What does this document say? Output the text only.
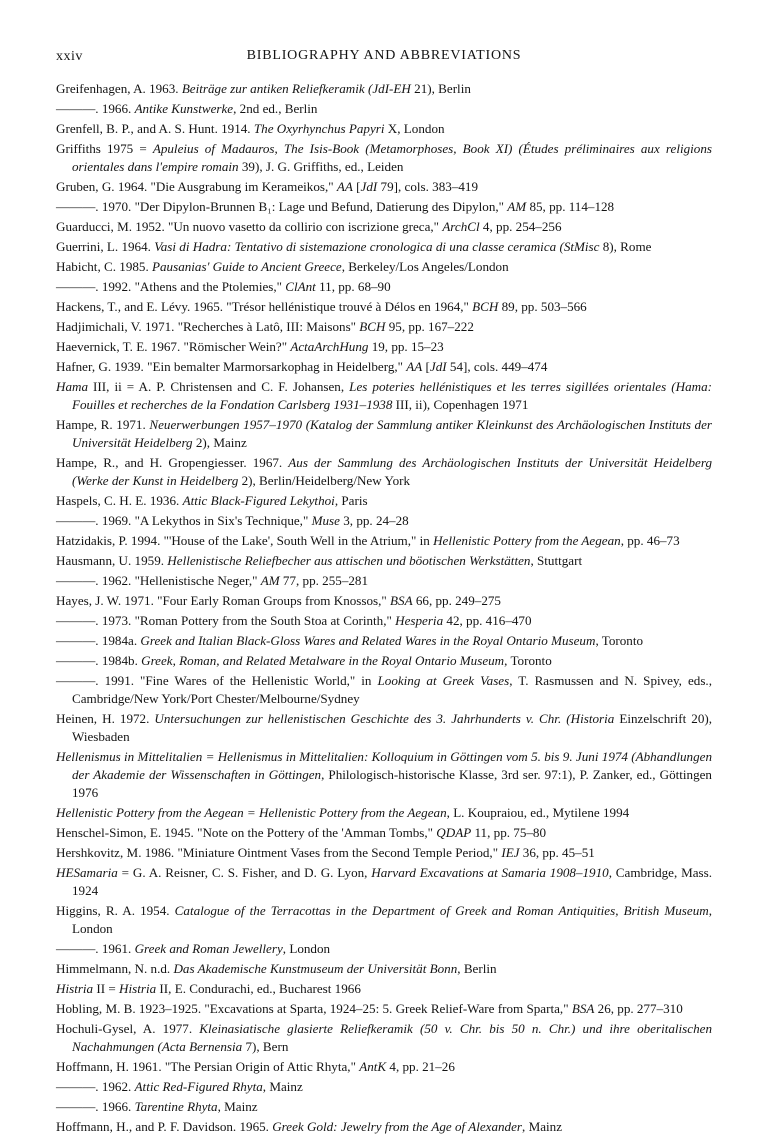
xxiv	BIBLIOGRAPHY AND ABBREVIATIONS
Greifenhagen, A. 1963. Beiträge zur antiken Reliefkeramik (JdI-EH 21), Berlin
———. 1966. Antike Kunstwerke, 2nd ed., Berlin
Grenfell, B. P., and A. S. Hunt. 1914. The Oxyrhynchus Papyri X, London
Griffiths 1975 = Apuleius of Madauros, The Isis-Book (Metamorphoses, Book XI) (Études préliminaires aux religions orientales dans l'empire romain 39), J. G. Griffiths, ed., Leiden
Gruben, G. 1964. "Die Ausgrabung im Kerameikos," AA [JdI 79], cols. 383–419
———. 1970. "Der Dipylon-Brunnen B₁: Lage und Befund, Datierung des Dipylon," AM 85, pp. 114–128
Guarducci, M. 1952. "Un nuovo vasetto da collirio con iscrizione greca," ArchCl 4, pp. 254–256
Guerrini, L. 1964. Vasi di Hadra: Tentativo di sistemazione cronologica di una classe ceramica (StMisc 8), Rome
Habicht, C. 1985. Pausanias' Guide to Ancient Greece, Berkeley/Los Angeles/London
———. 1992. "Athens and the Ptolemies," ClAnt 11, pp. 68–90
Hackens, T., and E. Lévy. 1965. "Trésor hellénistique trouvé à Délos en 1964," BCH 89, pp. 503–566
Hadjimichali, V. 1971. "Recherches à Latô, III: Maisons" BCH 95, pp. 167–222
Haevernick, T. E. 1967. "Römischer Wein?" ActaArchHung 19, pp. 15–23
Hafner, G. 1939. "Ein bemalter Marmorsarkophag in Heidelberg," AA [JdI 54], cols. 449–474
Hama III, ii = A. P. Christensen and C. F. Johansen, Les poteries hellénistiques et les terres sigillées orientales (Hama: Fouilles et recherches de la Fondation Carlsberg 1931–1938 III, ii), Copenhagen 1971
Hampe, R. 1971. Neuerwerbungen 1957–1970 (Katalog der Sammlung antiker Kleinkunst des Archäologischen Instituts der Universität Heidelberg 2), Mainz
Hampe, R., and H. Gropengiesser. 1967. Aus der Sammlung des Archäologischen Instituts der Universität Heidelberg (Werke der Kunst in Heidelberg 2), Berlin/Heidelberg/New York
Haspels, C. H. E. 1936. Attic Black-Figured Lekythoi, Paris
———. 1969. "A Lekythos in Six's Technique," Muse 3, pp. 24–28
Hatzidakis, P. 1994. "'House of the Lake', South Well in the Atrium," in Hellenistic Pottery from the Aegean, pp. 46–73
Hausmann, U. 1959. Hellenistische Reliefbecher aus attischen und böotischen Werkstätten, Stuttgart
———. 1962. "Hellenistische Neger," AM 77, pp. 255–281
Hayes, J. W. 1971. "Four Early Roman Groups from Knossos," BSA 66, pp. 249–275
———. 1973. "Roman Pottery from the South Stoa at Corinth," Hesperia 42, pp. 416–470
———. 1984a. Greek and Italian Black-Gloss Wares and Related Wares in the Royal Ontario Museum, Toronto
———. 1984b. Greek, Roman, and Related Metalware in the Royal Ontario Museum, Toronto
———. 1991. "Fine Wares of the Hellenistic World," in Looking at Greek Vases, T. Rasmussen and N. Spivey, eds., Cambridge/New York/Port Chester/Melbourne/Sydney
Heinen, H. 1972. Untersuchungen zur hellenistischen Geschichte des 3. Jahrhunderts v. Chr. (Historia Einzelschrift 20), Wiesbaden
Hellenismus in Mittelitalien = Hellenismus in Mittelitalien: Kolloquium in Göttingen vom 5. bis 9. Juni 1974 (Abhandlungen der Akademie der Wissenschaften in Göttingen, Philologisch-historische Klasse, 3rd ser. 97:1), P. Zanker, ed., Göttingen 1976
Hellenistic Pottery from the Aegean = Hellenistic Pottery from the Aegean, L. Koupraiou, ed., Mytilene 1994
Henschel-Simon, E. 1945. "Note on the Pottery of the 'Amman Tombs," QDAP 11, pp. 75–80
Hershkovitz, M. 1986. "Miniature Ointment Vases from the Second Temple Period," IEJ 36, pp. 45–51
HESamaria = G. A. Reisner, C. S. Fisher, and D. G. Lyon, Harvard Excavations at Samaria 1908–1910, Cambridge, Mass. 1924
Higgins, R. A. 1954. Catalogue of the Terracottas in the Department of Greek and Roman Antiquities, British Museum, London
———. 1961. Greek and Roman Jewellery, London
Himmelmann, N. n.d. Das Akademische Kunstmuseum der Universität Bonn, Berlin
Histria II = Histria II, E. Condurachi, ed., Bucharest 1966
Hobling, M. B. 1923–1925. "Excavations at Sparta, 1924–25: 5. Greek Relief-Ware from Sparta," BSA 26, pp. 277–310
Hochuli-Gysel, A. 1977. Kleinasiatische glasierte Reliefkeramik (50 v. Chr. bis 50 n. Chr.) und ihre oberitalischen Nachahmungen (Acta Bernensia 7), Bern
Hoffmann, H. 1961. "The Persian Origin of Attic Rhyta," AntK 4, pp. 21–26
———. 1962. Attic Red-Figured Rhyta, Mainz
———. 1966. Tarentine Rhyta, Mainz
Hoffmann, H., and P. F. Davidson. 1965. Greek Gold: Jewelry from the Age of Alexander, Mainz
